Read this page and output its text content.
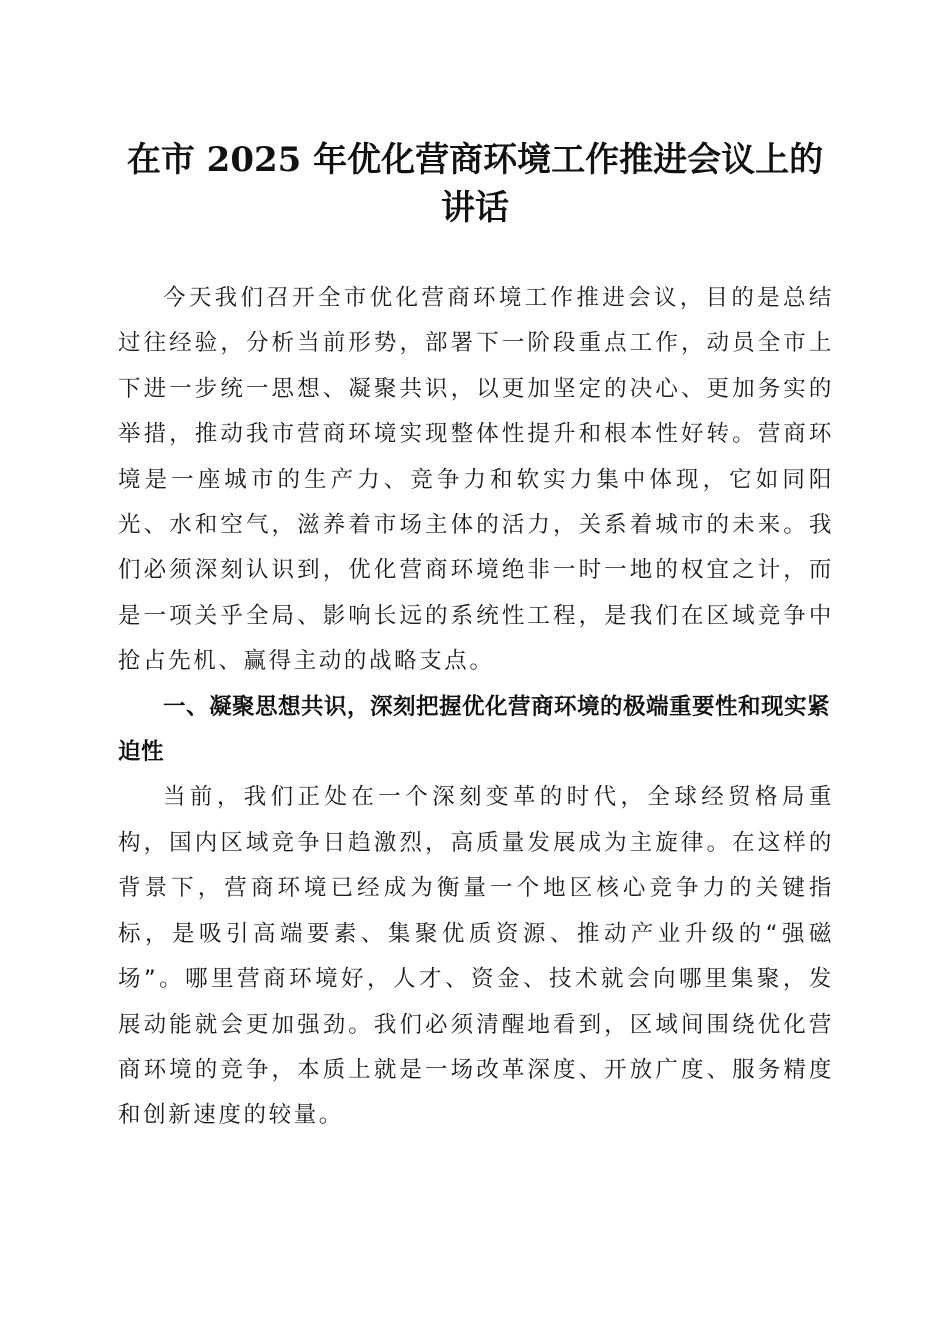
在市 2025 年优化营商环境工作推进会议上的
讲话

今天我们召开全市优化营商环境工作推进会议，目的是总结过往经验，分析当前形势，部署下一阶段重点工作，动员全市上下进一步统一思想、凝聚共识，以更加坚定的决心、更加务实的举措，推动我市营商环境实现整体性提升和根本性好转。营商环境是一座城市的生产力、竞争力和软实力集中体现，它如同阳光、水和空气，滋养着市场主体的活力，关系着城市的未来。我们必须深刻认识到，优化营商环境绝非一时一地的权宜之计，而是一项关乎全局、影响长远的系统性工程，是我们在区域竞争中抢占先机、赢得主动的战略支点。

一、凝聚思想共识，深刻把握优化营商环境的极端重要性和现实紧迫性

当前，我们正处在一个深刻变革的时代，全球经贸格局重构，国内区域竞争日趋激烈，高质量发展成为主旋律。在这样的背景下，营商环境已经成为衡量一个地区核心竞争力的关键指标，是吸引高端要素、集聚优质资源、推动产业升级的“强磁场”。哪里营商环境好，人才、资金、技术就会向哪里集聚，发展动能就会更加强劲。我们必须清醒地看到，区域间围绕优化营商环境的竞争，本质上就是一场改革深度、开放广度、服务精度和创新速度的较量。
